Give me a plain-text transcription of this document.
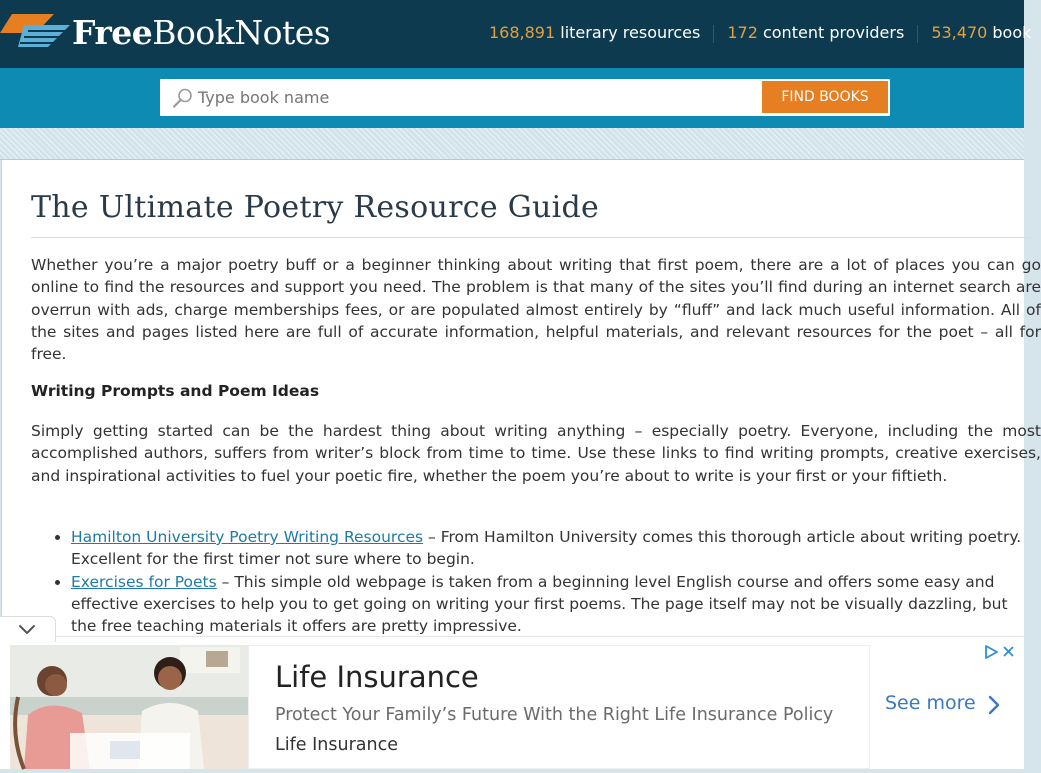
FreeBookNotes	168,891 literary resources 172 content providers 53,470 book
Type book name
FIND BOOKS
The Ultimate Poetry Resource Guide

Whether you’re a major poetry buff or a beginner thinking about writing that first poem, there are a lot of places you can go online to find the resources and support you need. The problem is that many of the sites you’ll find during an internet search are overrun with ads, charge memberships fees, or are populated almost entirely by “fluff” and lack much useful information. All of the sites and pages listed here are full of accurate information, helpful materials, and relevant resources for the poet – all for free.

Writing Prompts and Poem Ideas

Simply getting started can be the hardest thing about writing anything – especially poetry. Everyone, including the most accomplished authors, suffers from writer’s block from time to time. Use these links to find writing prompts, creative exercises, and inspirational activities to fuel your poetic fire, whether the poem you’re about to write is your first or your fiftieth.

• Hamilton University Poetry Writing Resources – From Hamilton University comes this thorough article about writing poetry. Excellent for the first timer not sure where to begin.
• Exercises for Poets – This simple old webpage is taken from a beginning level English course and offers some easy and effective exercises to help you to get going on writing your first poems. The page itself may not be visually dazzling, but the free teaching materials it offers are pretty impressive.
Life Insurance
Protect Your Family’s Future With the Right Life Insurance Policy
Life Insurance
See more
